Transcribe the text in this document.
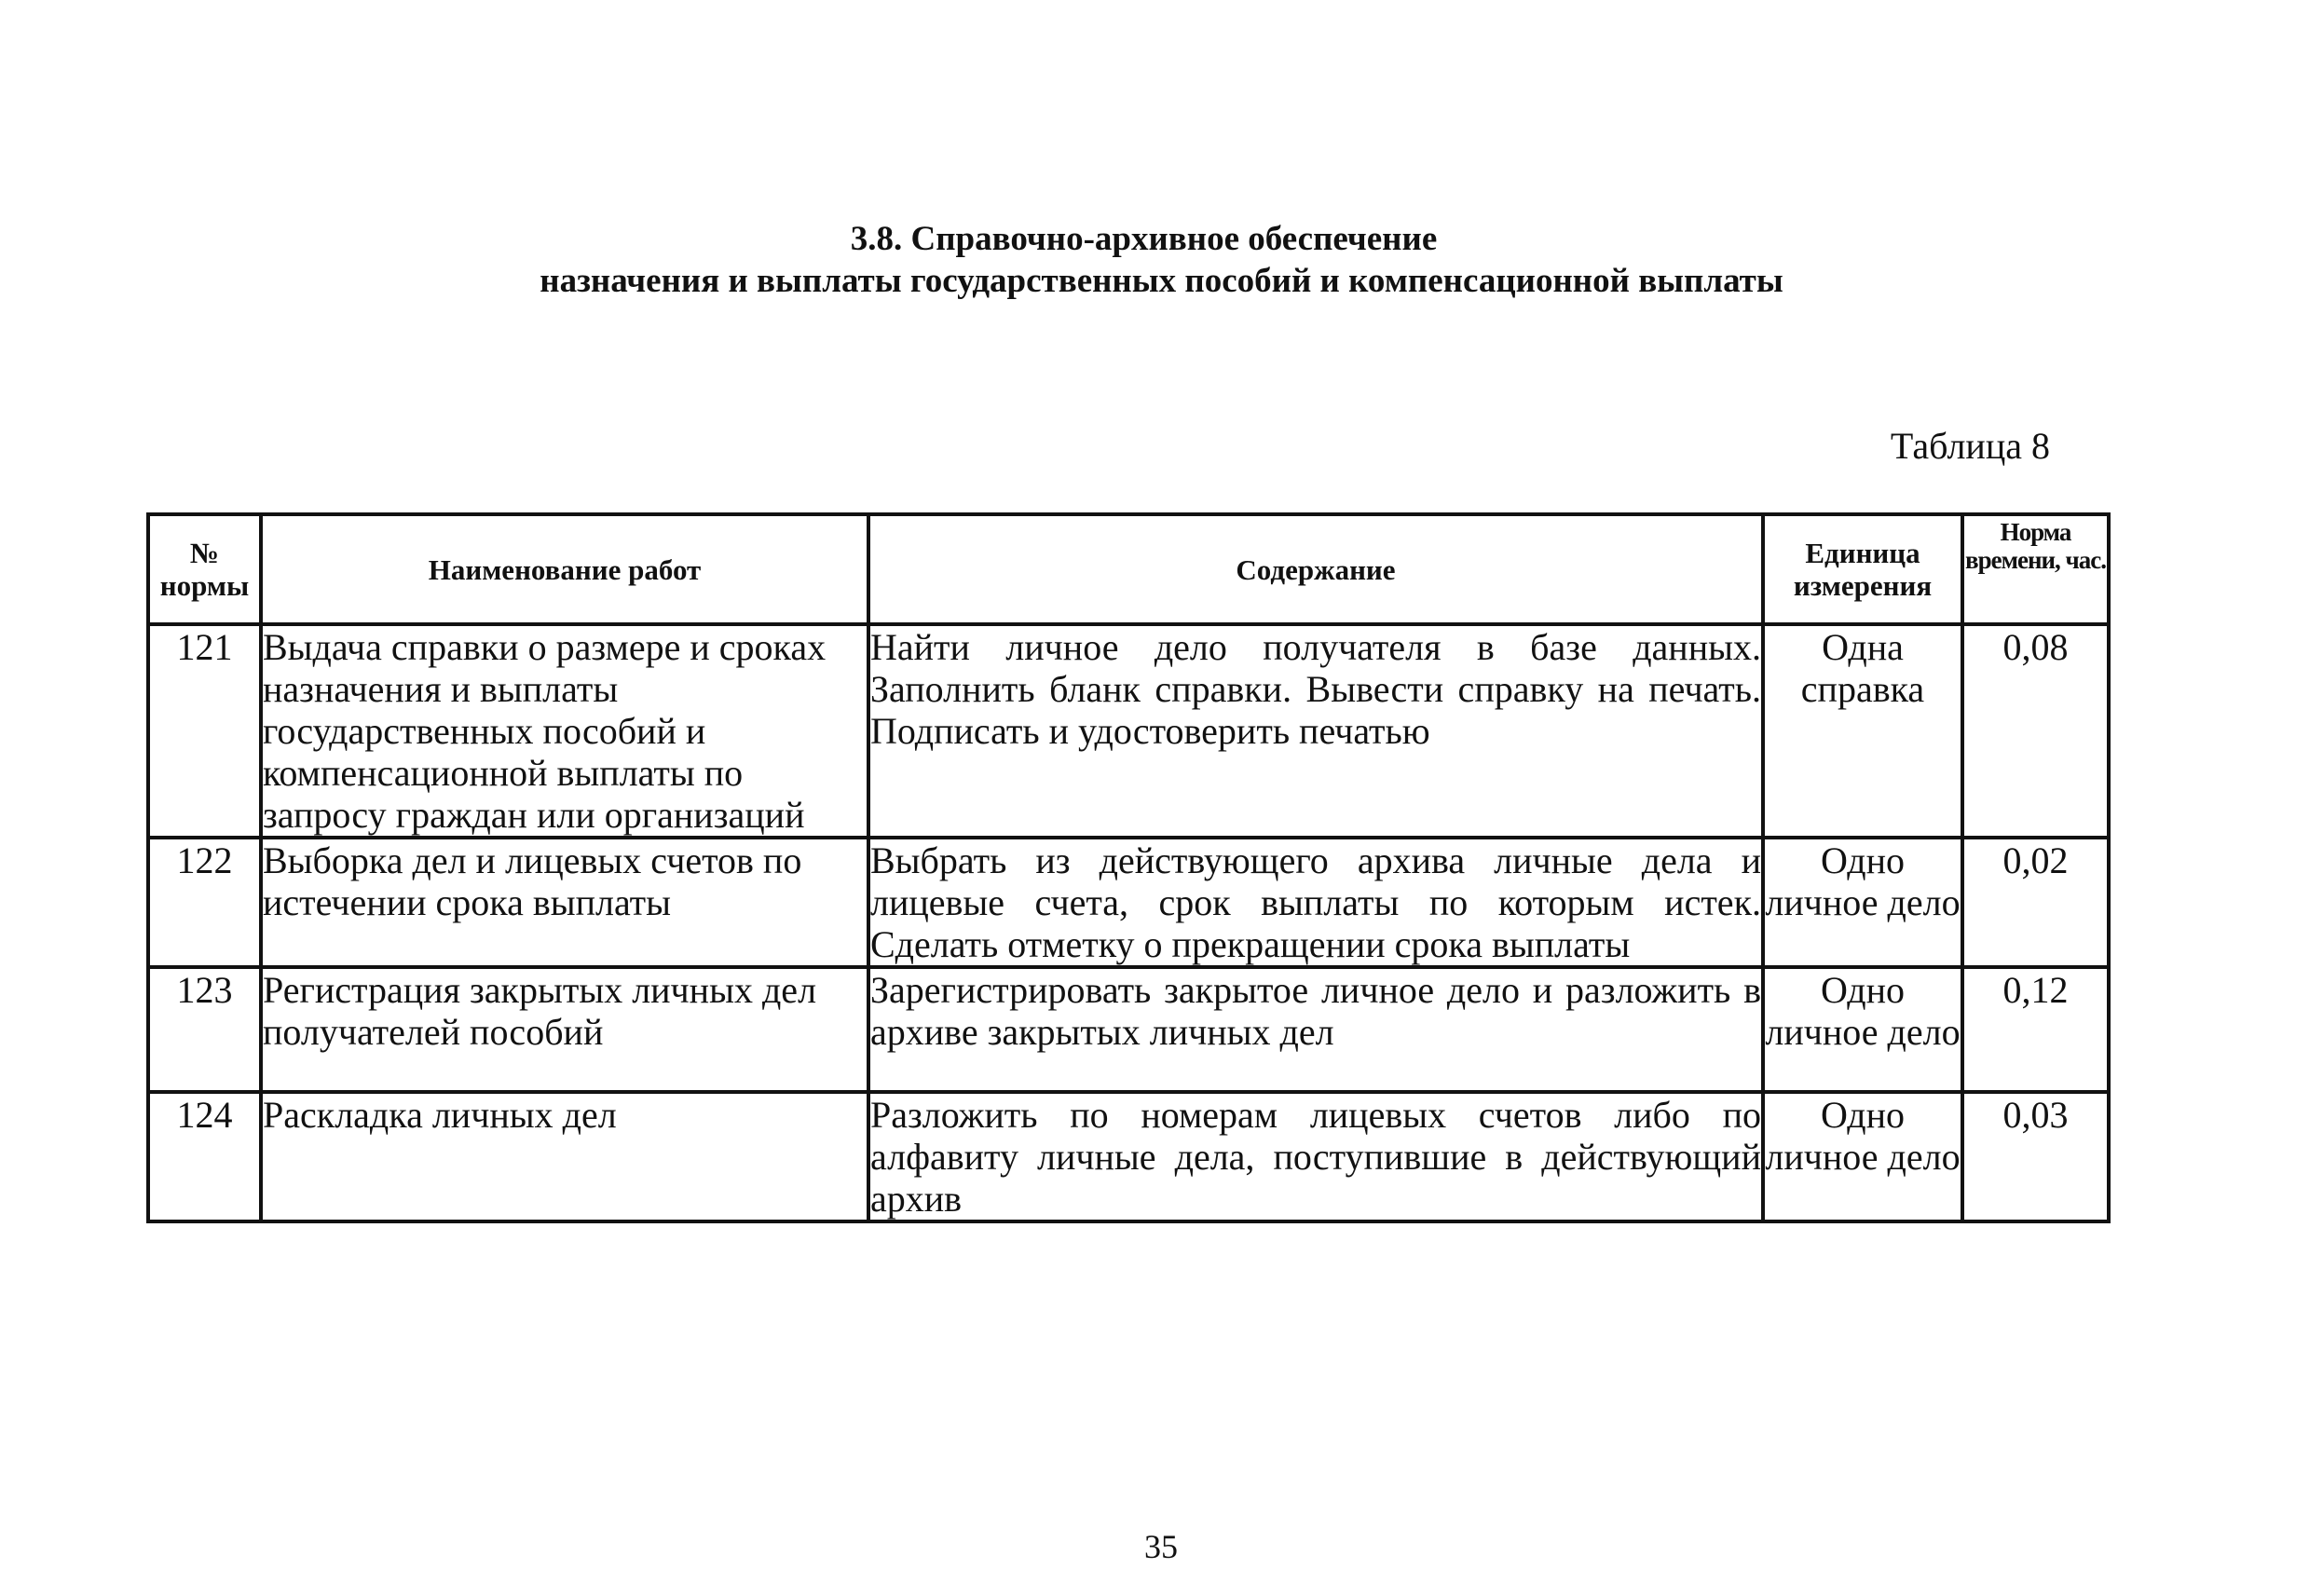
3.8. Справочно-архивное обеспечение
назначения и выплаты государственных пособий и компенсационной выплаты
Таблица 8
№ нормы	Наименование работ	Содержание	Единица измерения	Норма времени, час.
121	Выдача справки о размере и сроках назначения и выплаты государственных пособий и компенсационной выплаты по запросу граждан или организаций	Найти личное дело получателя в базе данных. Заполнить бланк справки. Вывести справку на печать. Подписать и удостоверить печатью	Одна справка	0,08
122	Выборка дел и лицевых счетов по истечении срока выплаты	Выбрать из действующего архива личные дела и лицевые счета, срок выплаты по которым истек. Сделать отметку о прекращении срока выплаты	Одно личное дело	0,02
123	Регистрация закрытых личных дел получателей пособий	Зарегистрировать закрытое личное дело и разложить в архиве закрытых личных дел	Одно личное дело	0,12
124	Раскладка личных дел	Разложить по номерам лицевых счетов либо по алфавиту личные дела, поступившие в действующий архив	Одно личное дело	0,03
35
